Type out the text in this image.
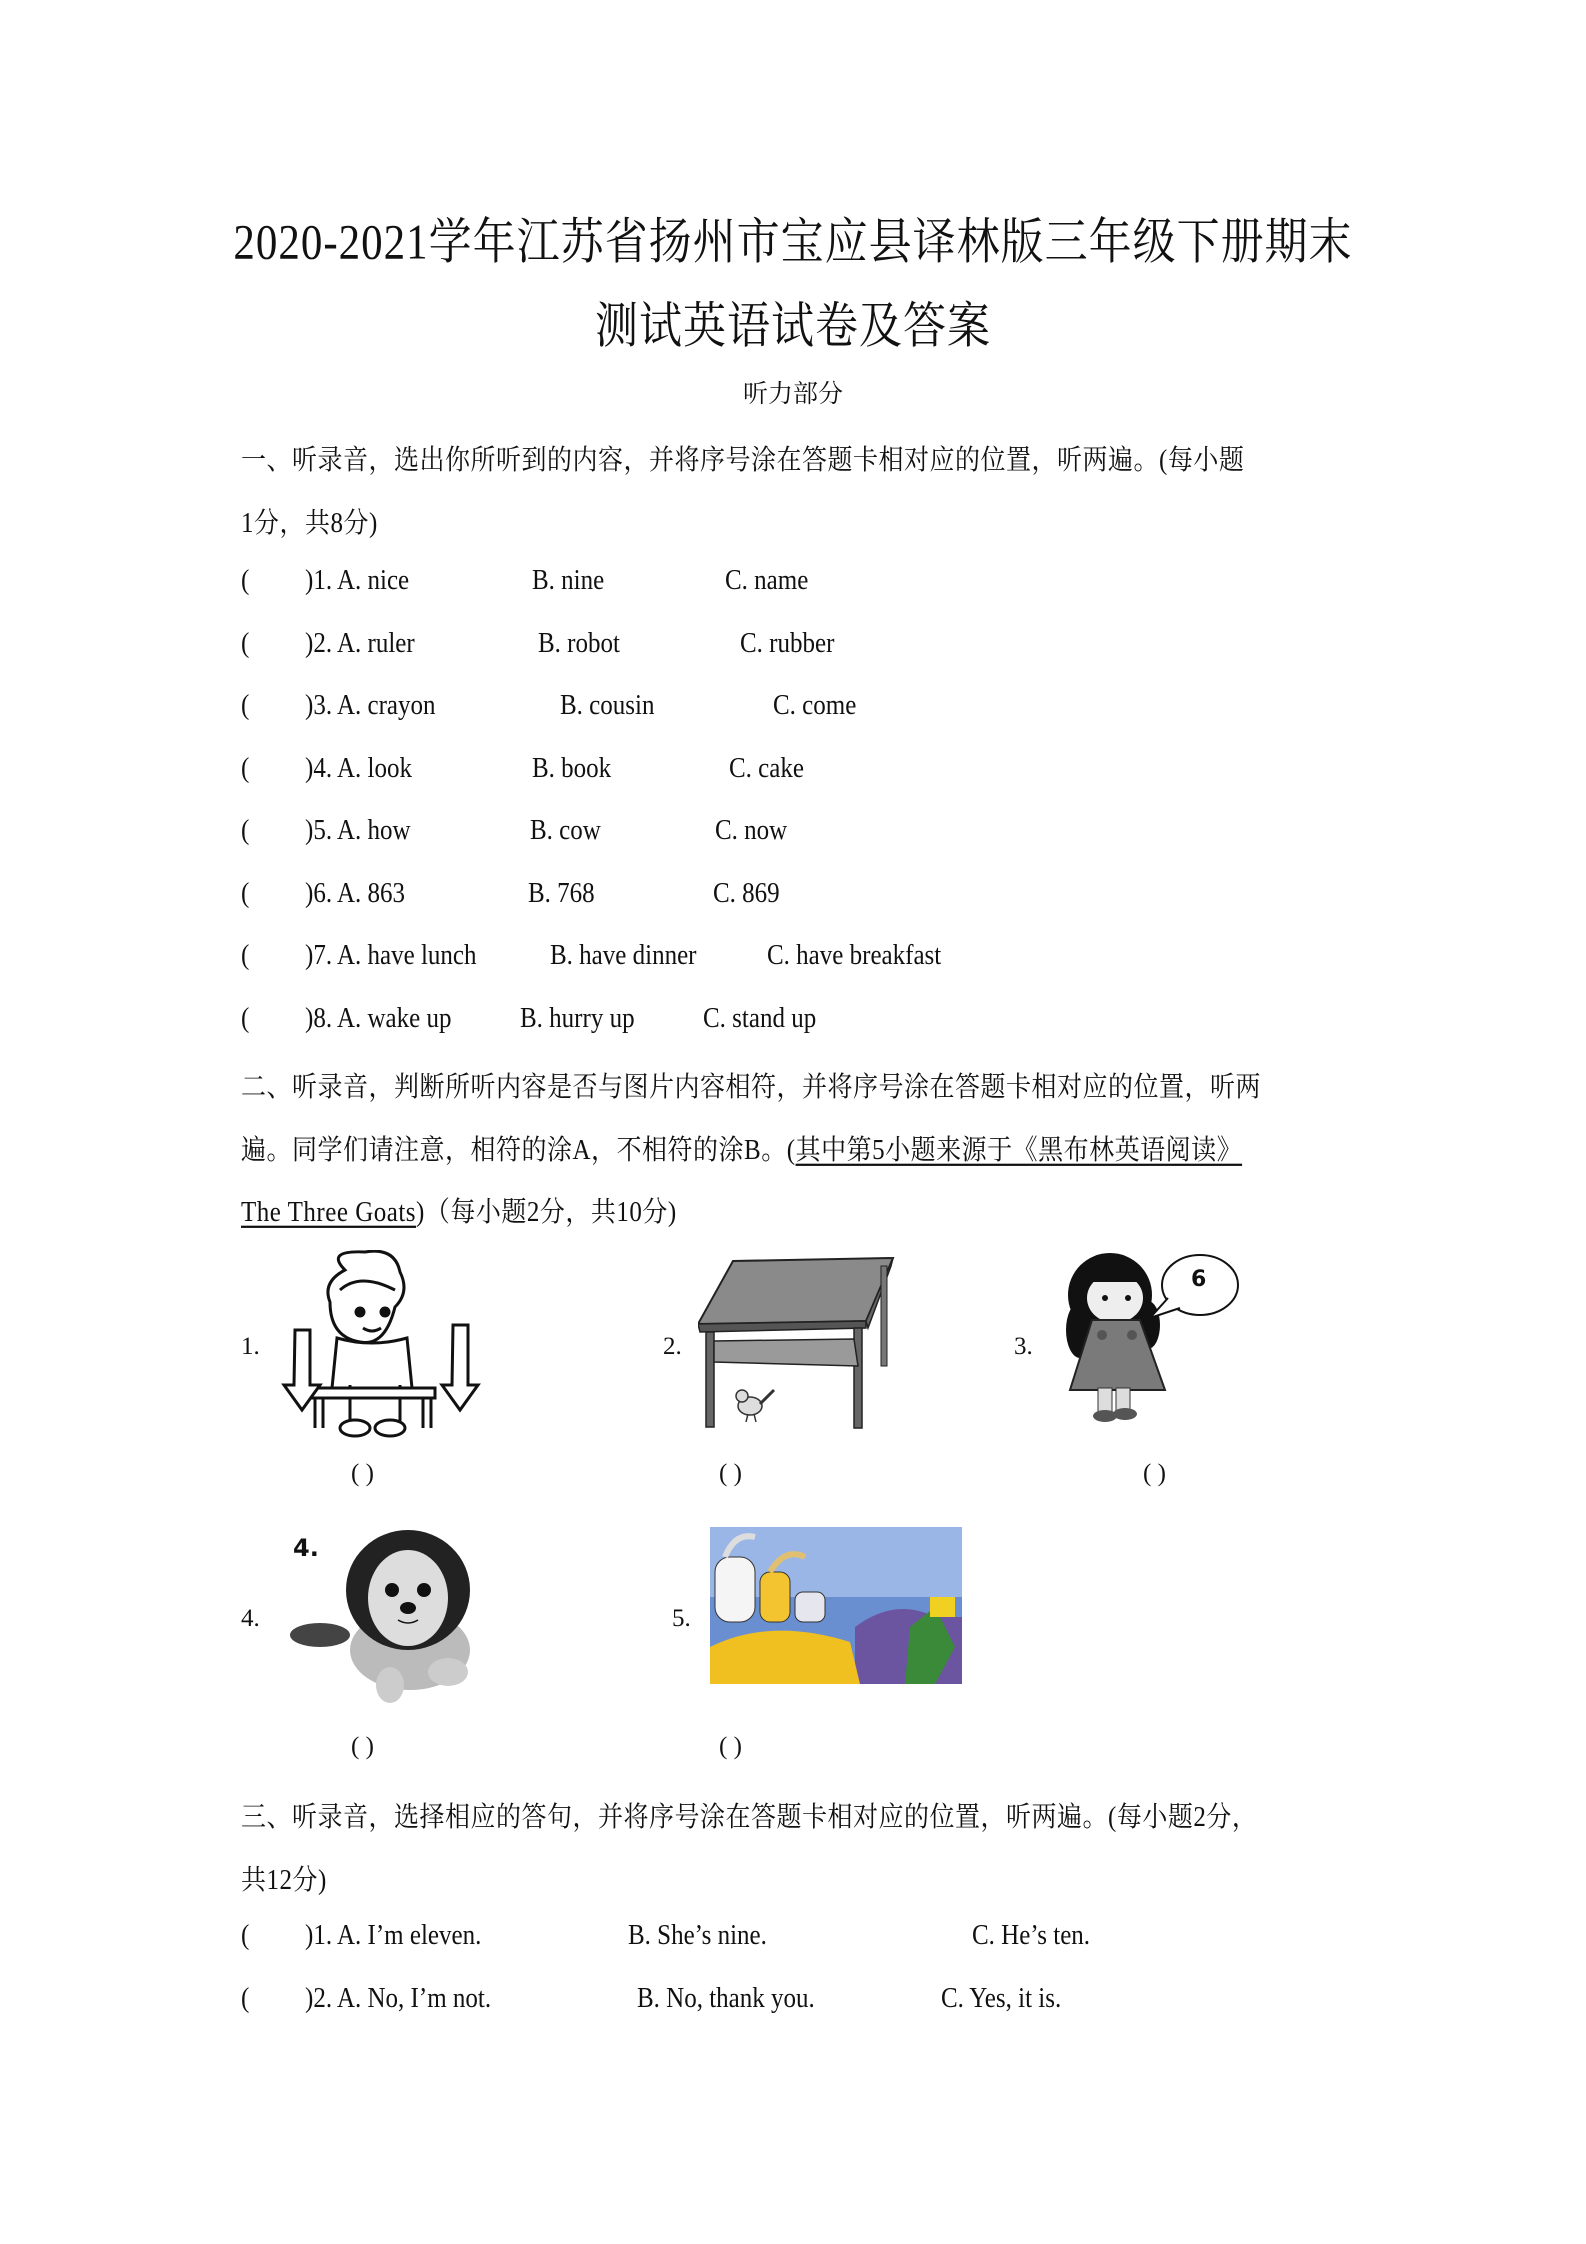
2020-2021学年江苏省扬州市宝应县译林版三年级下册期末
测试英语试卷及答案
听力部分
一、听录音，选出你所听到的内容，并将序号涂在答题卡相对应的位置，听两遍。(每小题
1分，共8分)
( )1. A. nice	B. nine	C. name
( )2. A. ruler	B. robot	C. rubber
( )3. A. crayon	B. cousin	C. come
( )4. A. look	B. book	C. cake
( )5. A. how	B. cow	C. now
( )6. A. 863	B. 768	C. 869
( )7. A. have lunch	B. have dinner	C. have breakfast
( )8. A. wake up	B. hurry up	C. stand up
二、听录音，判断所听内容是否与图片内容相符，并将序号涂在答题卡相对应的位置，听两
遍。同学们请注意，相符的涂A，不相符的涂B。(其中第5小题来源于《黑布林英语阅读》
The Three Goats)（每小题2分，共10分)
1.
( )
2.
( )
3.
6
( )
4.
4.
( )
5.
( )
三、听录音，选择相应的答句，并将序号涂在答题卡相对应的位置，听两遍。(每小题2分，
共12分)
( )1. A. I’m eleven.	B. She’s nine.	C. He’s ten.
( )2. A. No, I’m not.	B. No, thank you.	C. Yes, it is.
